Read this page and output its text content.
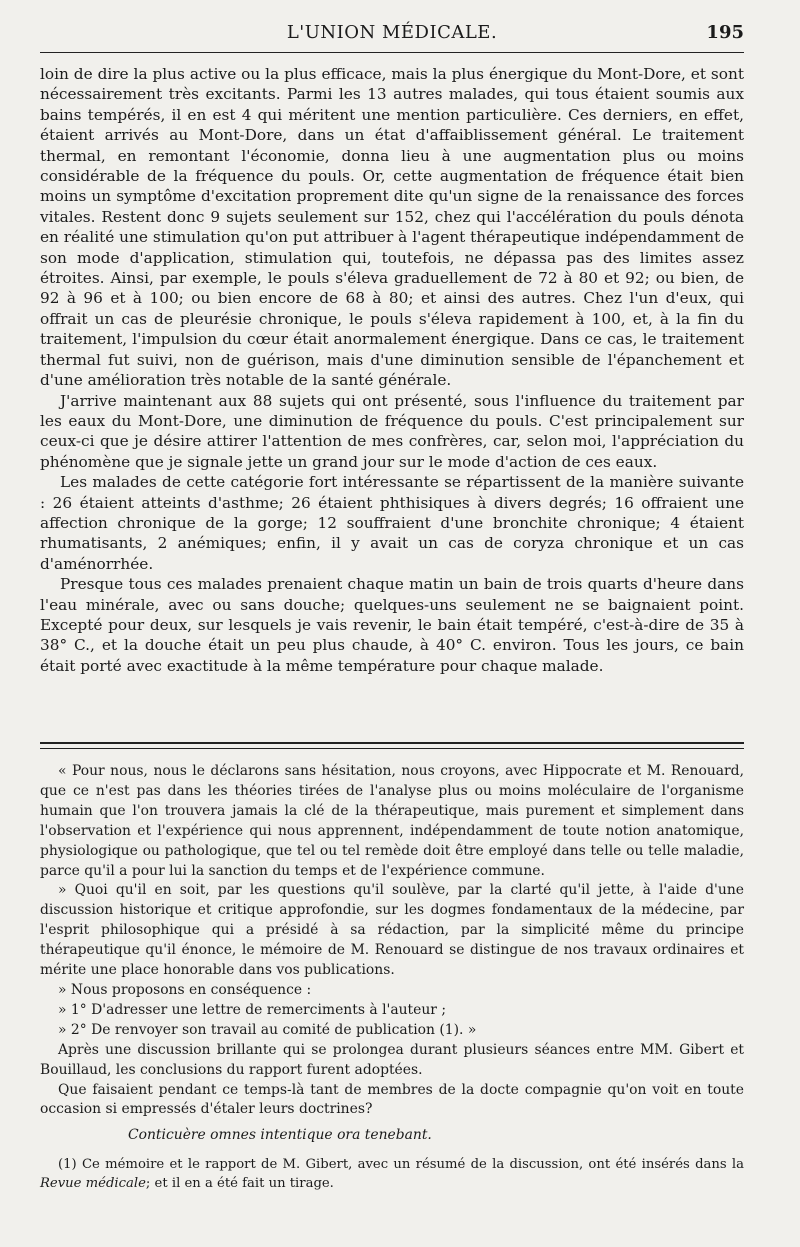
L'UNION MÉDICALE.	195

loin de dire la plus active ou la plus efficace, mais la plus énergique du Mont-Dore, et sont nécessairement très excitants. Parmi les 13 autres malades, qui tous étaient soumis aux bains tempérés, il en est 4 qui méritent une mention particulière. Ces derniers, en effet, étaient arrivés au Mont-Dore, dans un état d'affaiblissement général. Le traitement thermal, en remontant l'économie, donna lieu à une augmentation plus ou moins considérable de la fréquence du pouls. Or, cette augmentation de fréquence était bien moins un symptôme d'excitation proprement dite qu'un signe de la renaissance des forces vitales. Restent donc 9 sujets seulement sur 152, chez qui l'accélération du pouls dénota en réalité une stimulation qu'on put attribuer à l'agent thérapeutique indépendamment de son mode d'application, stimulation qui, toutefois, ne dépassa pas des limites assez étroites. Ainsi, par exemple, le pouls s'éleva graduellement de 72 à 80 et 92; ou bien, de 92 à 96 et à 100; ou bien encore de 68 à 80; et ainsi des autres. Chez l'un d'eux, qui offrait un cas de pleurésie chronique, le pouls s'éleva rapidement à 100, et, à la fin du traitement, l'impulsion du cœur était anormalement énergique. Dans ce cas, le traitement thermal fut suivi, non de guérison, mais d'une diminution sensible de l'épanchement et d'une amélioration très notable de la santé générale.

J'arrive maintenant aux 88 sujets qui ont présenté, sous l'influence du traitement par les eaux du Mont-Dore, une diminution de fréquence du pouls. C'est principalement sur ceux-ci que je désire attirer l'attention de mes confrères, car, selon moi, l'appréciation du phénomène que je signale jette un grand jour sur le mode d'action de ces eaux.

Les malades de cette catégorie fort intéressante se répartissent de la manière suivante : 26 étaient atteints d'asthme; 26 étaient phthisiques à divers degrés; 16 offraient une affection chronique de la gorge; 12 souffraient d'une bronchite chronique; 4 étaient rhumatisants, 2 anémiques; enfin, il y avait un cas de coryza chronique et un cas d'aménorrhée.

Presque tous ces malades prenaient chaque matin un bain de trois quarts d'heure dans l'eau minérale, avec ou sans douche; quelques-uns seulement ne se baignaient point. Excepté pour deux, sur lesquels je vais revenir, le bain était tempéré, c'est-à-dire de 35 à 38° C., et la douche était un peu plus chaude, à 40° C. environ. Tous les jours, ce bain était porté avec exactitude à la même température pour chaque malade.

« Pour nous, nous le déclarons sans hésitation, nous croyons, avec Hippocrate et M. Renouard, que ce n'est pas dans les théories tirées de l'analyse plus ou moins moléculaire de l'organisme humain que l'on trouvera jamais la clé de la thérapeutique, mais purement et simplement dans l'observation et l'expérience qui nous apprennent, indépendamment de toute notion anatomique, physiologique ou pathologique, que tel ou tel remède doit être employé dans telle ou telle maladie, parce qu'il a pour lui la sanction du temps et de l'expérience commune.

» Quoi qu'il en soit, par les questions qu'il soulève, par la clarté qu'il jette, à l'aide d'une discussion historique et critique approfondie, sur les dogmes fondamentaux de la médecine, par l'esprit philosophique qui a présidé à sa rédaction, par la simplicité même du principe thérapeutique qu'il énonce, le mémoire de M. Renouard se distingue de nos travaux ordinaires et mérite une place honorable dans vos publications.

» Nous proposons en conséquence :

» 1° D'adresser une lettre de remerciments à l'auteur ;

» 2° De renvoyer son travail au comité de publication (1). »

Après une discussion brillante qui se prolongea durant plusieurs séances entre MM. Gibert et Bouillaud, les conclusions du rapport furent adoptées.

Que faisaient pendant ce temps-là tant de membres de la docte compagnie qu'on voit en toute occasion si empressés d'étaler leurs doctrines?

Conticuère omnes intentique ora tenebant.

(1) Ce mémoire et le rapport de M. Gibert, avec un résumé de la discussion, ont été insérés dans la Revue médicale; et il en a été fait un tirage.
